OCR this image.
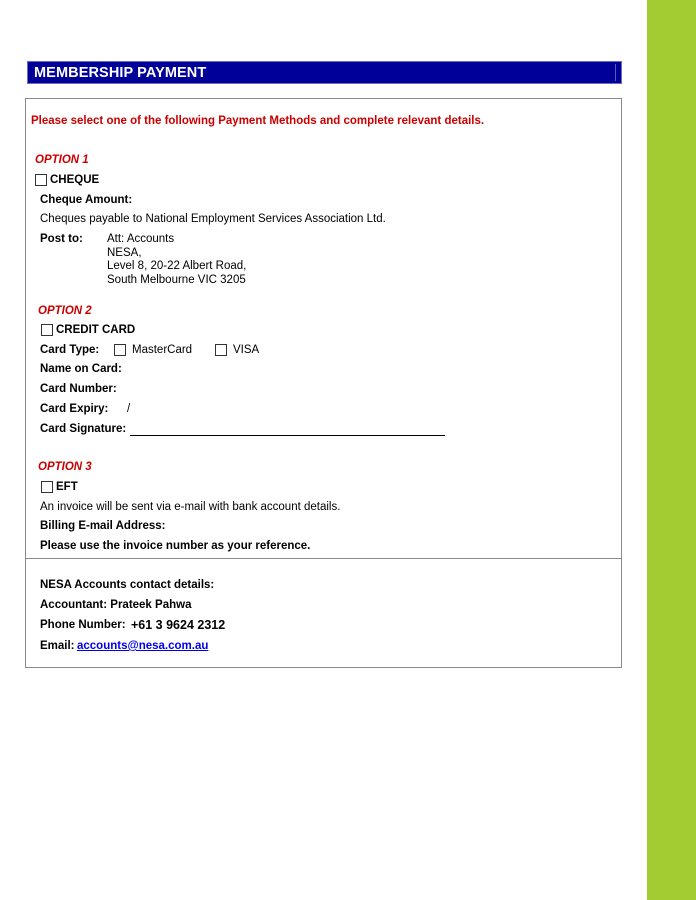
MEMBERSHIP PAYMENT
Please select one of the following Payment Methods and complete relevant details.
OPTION 1
CHEQUE
Cheque Amount:
Cheques payable to National Employment Services Association Ltd.
Post to: Att: Accounts
NESA,
Level 8, 20-22 Albert Road,
South Melbourne VIC 3205
OPTION 2
CREDIT CARD
Card Type:	MasterCard	VISA
Name on Card:
Card Number:
Card Expiry: /
Card Signature:
OPTION 3
EFT
An invoice will be sent via e-mail with bank account details.
Billing E-mail Address:
Please use the invoice number as your reference.
NESA Accounts contact details:
Accountant: Prateek Pahwa
Phone Number: +61 3 9624 2312
Email: accounts@nesa.com.au
